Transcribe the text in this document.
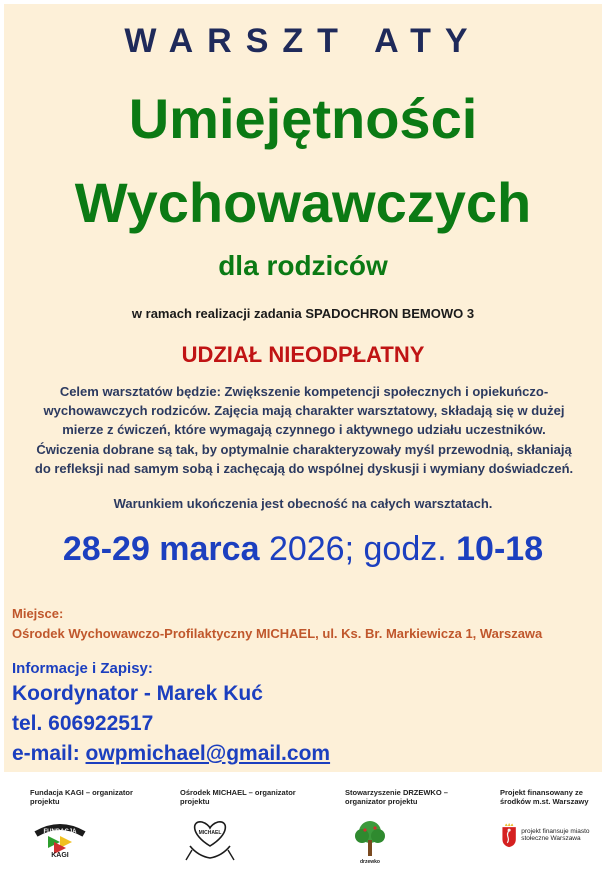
WARSZT ATY
Umiejętności
Wychowawczych
dla rodziców
w ramach realizacji zadania SPADOCHRON BEMOWO 3
UDZIAŁ NIEODPŁATNY
Celem warsztatów będzie: Zwiększenie kompetencji społecznych i opiekuńczo-wychowawczych rodziców. Zajęcia mają charakter warsztatowy, składają się w dużej mierze z ćwiczeń, które wymagają czynnego i aktywnego udziału uczestników. Ćwiczenia dobrane są tak, by optymalnie charakteryzowały myśl przewodnią, skłaniają do refleksji nad samym sobą i zachęcają do wspólnej dyskusji i wymiany doświadczeń.
Warunkiem ukończenia jest obecność na całych warsztatach.
28-29 marca 2026; godz. 10-18
Miejsce:
Ośrodek Wychowawczo-Profilaktyczny MICHAEL, ul. Ks. Br. Markiewicza 1, Warszawa
Informacje i Zapisy:
Koordynator - Marek Kuć
tel. 606922517
e-mail: owpmichael@gmail.com
Fundacja KAGI – organizator projektu
FUNDACJA
KAGI
Ośrodek MICHAEL – organizator projektu
MICHAEL
Stowarzyszenie DRZEWKO – organizator projektu
drzewko
Projekt finansowany ze środków m.st. Warszawy
projekt finansuje miasto stołeczne Warszawa
